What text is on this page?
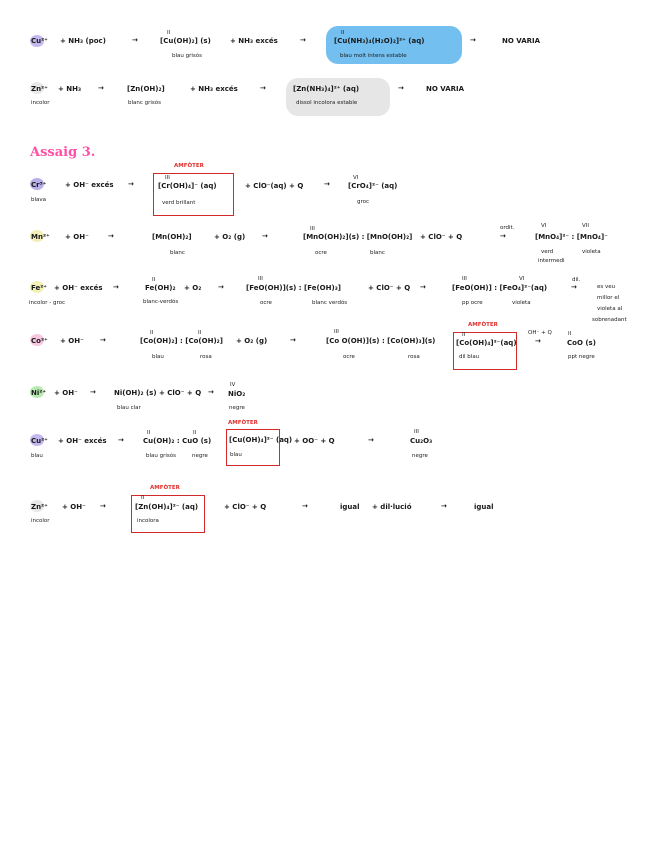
Cu²⁺ + NH₃ (poc)	→
II
[Cu(OH)₂] (s)
blau grisós
+ NH₃ excés	→
II
[Cu(NH₃)₄(H₂O)₂]²⁺ (aq)
blau molt intens estable
→	NO VARIA
Zn²⁺
incolor
+ NH₃ →	[Zn(OH)₂]
blanc grisós
+ NH₃ excés	→	[Zn(NH₃)₄]²⁺ (aq)
dissol incolora estable
→	NO VARIA
Assaig 3.
Cr³⁺
blava
+ OH⁻ excés →
AMFÒTER
III
[Cr(OH)₄]⁻ (aq)
verd brillant
+ ClO⁻(aq) + Q	→
VI
[CrO₄]²⁻ (aq)
groc
Mn²⁺ + OH⁻	→	[Mn(OH)₂]
blanc
+ O₂ (g) →
III
[MnO(OH)₂](s) : [MnO(OH)₂]
ocre	blanc
+ ClO⁻ + Q
ordit.
→
VI	VII
[MnO₄]²⁻ : [MnO₄]⁻
verd	violeta
intermedi
Fe²⁺
incolor - groc
+ OH⁻ excés →
II
Fe(OH)₂
blanc-verdós
+ O₂ →
III
[FeO(OH)](s) : [Fe(OH)₃]
ocre	blanc verdós
+ ClO⁻ + Q →
III	VI
[FeO(OH)] : [FeO₄]²⁻(aq)
pp ocre	violeta
dil.
→	es veu
millor el
violeta al
sobrenadant
Co²⁺ + OH⁻ →
II	II
[Co(OH)₂] : [Co(OH)₂]
blau	rosa
+ O₂ (g)	→
III
[Co O(OH)](s) : [Co(OH)₃](s)
ocre	rosa
AMFÒTER
II
[Co(OH)₄]²⁻(aq)
dil blau
OH⁻ + Q
→
II
CoO (s)
ppt negre
Ni²⁺ + OH⁻ →	Ni(OH)₂ (s) + ClO⁻ + Q
blau clar
→
IV
NiO₂
negre
Cu²⁺
blau
+ OH⁻ excés →
II	II
Cu(OH)₂ : CuO (s)
blau grisós	negre
AMFÒTER
[Cu(OH)₄]²⁻ (aq)
blau
+ OO⁻ + Q	→
III
Cu₂O₃
negre
Zn²⁺
incolor
+ OH⁻ →
AMFÒTER
II
[Zn(OH)₄]²⁻ (aq)
incolora
+ ClO⁻ + Q	→	igual + dil·lució	→	igual
